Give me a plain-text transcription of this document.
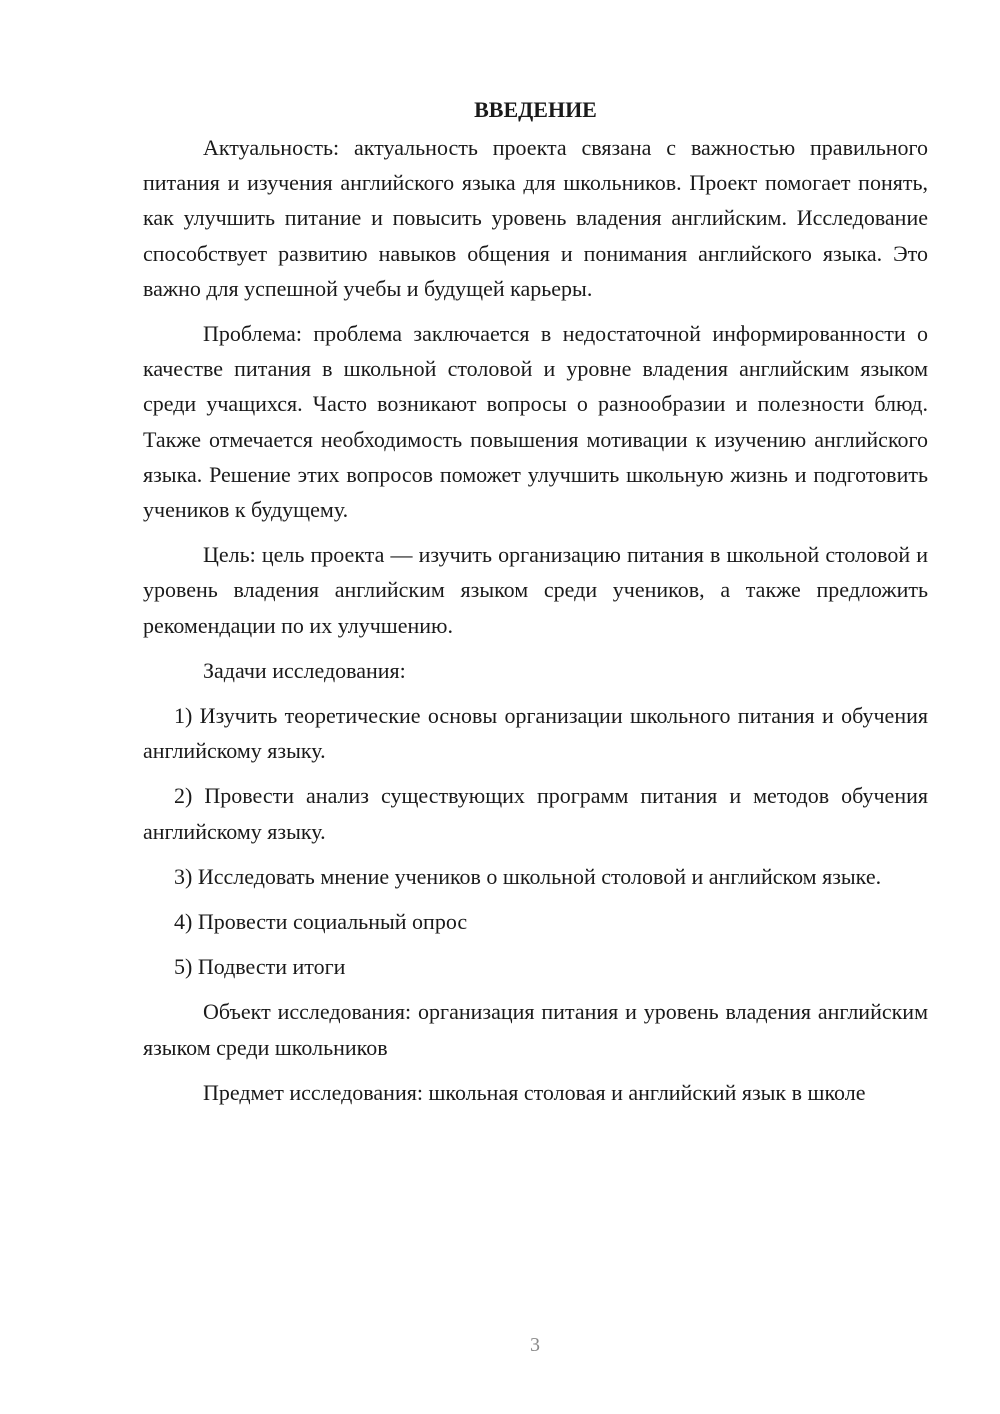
ВВЕДЕНИЕ

Актуальность: актуальность проекта связана с важностью правильного питания и изучения английского языка для школьников. Проект помогает понять, как улучшить питание и повысить уровень владения английским. Исследование способствует развитию навыков общения и понимания английского языка. Это важно для успешной учебы и будущей карьеры.

Проблема: проблема заключается в недостаточной информированности о качестве питания в школьной столовой и уровне владения английским языком среди учащихся. Часто возникают вопросы о разнообразии и полезности блюд. Также отмечается необходимость повышения мотивации к изучению английского языка. Решение этих вопросов поможет улучшить школьную жизнь и подготовить учеников к будущему.

Цель: цель проекта — изучить организацию питания в школьной столовой и уровень владения английским языком среди учеников, а также предложить рекомендации по их улучшению.

Задачи исследования:

1) Изучить теоретические основы организации школьного питания и обучения английскому языку.

2) Провести анализ существующих программ питания и методов обучения английскому языку.

3) Исследовать мнение учеников о школьной столовой и английском языке.

4) Провести социальный опрос

5) Подвести итоги

Объект исследования: организация питания и уровень владения английским языком среди школьников

Предмет исследования: школьная столовая и английский язык в школе

3
